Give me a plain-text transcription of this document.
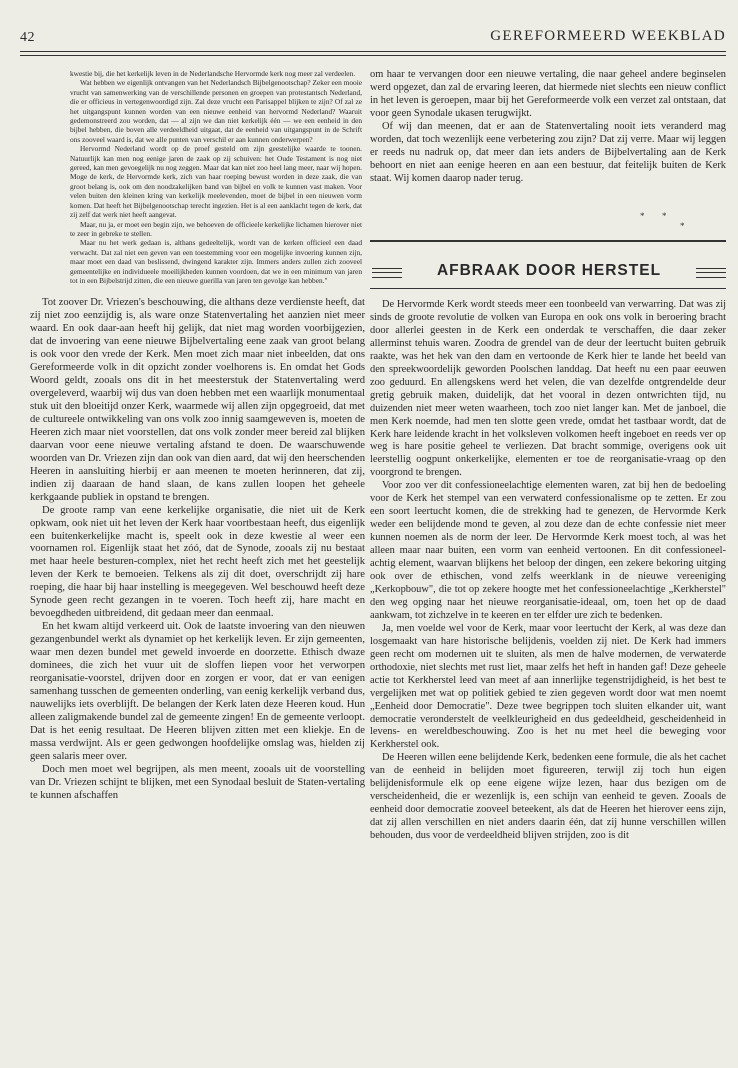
42	GEREFORMEERD WEEKBLAD

kwestie bij, die het kerkelijk leven in de Nederlandsche Hervormde kerk nog meer zal verdeelen.

Wat hebben we eigenlijk ontvangen van het Nederlandsch Bijbelgenootschap? Zeker een mooie vrucht van samenwerking van de verschillende personen en groepen van protestantsch Nederland, die er officieus in vertegenwoordigd zijn. Zal deze vrucht een Parisappel blijken te zijn? Of zal ze het uitgangspunt kunnen worden van een nieuwe eenheid van hervormd Nederland? Waaruit gedemonstreerd zou worden, dat — al zijn we dan niet kerkelijk één — we een eenheid in den bijbel hebben, die boven alle verdeeldheid uitgaat, dat de eenheid van uitgangspunt in de Schrift ons zooveel waard is, dat we alle punten van verschil er aan kunnen onderwerpen?

Hervormd Nederland wordt op de proef gesteld om zijn geestelijke waarde te toonen. Natuurlijk kan men nog eenige jaren de zaak op zij schuiven: het Oude Testament is nog niet gereed, kan men gevoegelijk nu nog zeggen. Maar dat kan niet zoo heel lang meer, naar wij hopen. Moge de kerk, de Hervormde kerk, zich van haar roeping bewust worden in deze zaak, die van groot belang is, ook om den noodzakelijken band van bijbel en volk te kunnen vast maken. Voor velen buiten den kleinen kring van kerkelijk meelevenden, moet de bijbel in een nieuwen vorm komen. Dat heeft het Bijbelgenootschap terecht ingezien. Het is al een aanklacht tegen de kerk, dat zij zelf dat werk niet heeft aangevat.

Maar, nu ja, er moet een begin zijn, we behoeven de officieele kerkelijke lichamen hierover niet te zeer in gebreke te stellen.

Maar nu het werk gedaan is, althans gedeeltelijk, wordt van de kerken officieel een daad verwacht. Dat zal niet een geven van een toestemming voor een mogelijke invoering kunnen zijn, maar moet een daad van beslissend, dwingend karakter zijn. Immers anders zullen zich zooveel gemeentelijke en individueele moeilijkheden kunnen voordoen, dat we in een minimum van jaren tot in een Bijbelstrijd zitten, die een nieuwe guerilla van jaren ten gevolge kan hebben."

Tot zoover Dr. Vriezen's beschouwing, die althans deze verdienste heeft, dat zij niet zoo eenzijdig is, als ware onze Statenvertaling het aanzien niet meer waard. En ook daar-aan heeft hij gelijk, dat niet mag worden voorbijgezien, dat de invoering van eene nieuwe Bijbelvertaling eene zaak van groot belang is ook voor den vrede der Kerk. Men moet zich maar niet inbeelden, dat ons Gereformeerde volk in dit opzicht zonder voelhorens is. En omdat het Gods Woord geldt, zooals ons dit in het meesterstuk der Statenvertaling werd overgeleverd, waarbij wij dus van doen hebben met een waarlijk monumentaal stuk uit den bloeitijd onzer Kerk, waarmede wij allen zijn opgegroeid, dat met de cultureele ontwikkeling van ons volk zoo innig saamgeweven is, moeten de Heeren zich maar niet voorstellen, dat ons volk zonder meer bereid zal blijken daarvan voor eene nieuwe vertaling afstand te doen. De waarschuwende woorden van Dr. Vriezen zijn dan ook van dien aard, dat wij den heerschenden Heeren in aansluiting hierbij er aan meenen te moeten herinneren, dat zij, indien zij daaraan de hand slaan, de kans zullen loopen het geheele kerkgaande publiek in opstand te brengen.

De groote ramp van eene kerkelijke organisatie, die niet uit de Kerk opkwam, ook niet uit het leven der Kerk haar voortbestaan heeft, dus eigenlijk een buitenkerkelijke macht is, speelt ook in deze kwestie al weer een voornamen rol. Eigenlijk staat het zóó, dat de Synode, zooals zij nu bestaat met haar heele besturen-complex, niet het recht heeft zich met het geestelijk leven der Kerk te bemoeien. Telkens als zij dit doet, overschrijdt zij hare roeping, die haar bij haar instelling is meegegeven. Wel beschouwd heeft deze Synode geen recht gezangen in te voeren. Toch heeft zij, hare macht en bevoegdheden uitbreidend, dit gedaan meer dan eenmaal.

En het kwam altijd verkeerd uit. Ook de laatste invoering van den nieuwen gezangenbundel werkt als dynamiet op het kerkelijk leven. Er zijn gemeenten, waar men dezen bundel met geweld invoerde en doorzette. Ethisch dwaze dominees, die zich het vuur uit de sloffen liepen voor het verworpen reorganisatie-voorstel, drijven door en zorgen er voor, dat er van eenigen samenhang tusschen de gemeenten onderling, van eenig kerkelijk verband dus, nauwelijks iets overblijft. De belangen der Kerk laten deze Heeren koud. Hun alleen zaligmakende bundel zal de gemeente zingen! En de gemeente verloopt. Dat is het eenig resultaat. De Heeren blijven zitten met een kliekje. En de massa verdwijnt. Als er geen gedwongen hoofdelijke omslag was, hielden zij geen salaris meer over.

Doch men moet wel begrijpen, als men meent, zooals uit de voorstelling van Dr. Vriezen schijnt te blijken, met een Synodaal besluit de Staten-vertaling te kunnen afschaffen

om haar te vervangen door een nieuwe vertaling, die naar geheel andere beginselen werd opgezet, dan zal de ervaring leeren, dat hiermede niet slechts een nieuw conflict in het leven is geroepen, maar bij het Gereformeerde volk een verzet zal ontstaan, dat voor geen Synodale ukasen terugwijkt.

Of wij dan meenen, dat er aan de Statenvertaling nooit iets veranderd mag worden, dat toch wezenlijk eene verbetering zou zijn? Dat zij verre. Maar wij leggen er reeds nu nadruk op, dat meer dan iets anders de Bijbelvertaling aan de Kerk behoort en niet aan eenige heeren en aan een bestuur, dat feitelijk buiten de Kerk staat. Wij komen daarop nader terug.

* *
*
AFBRAAK DOOR HERSTEL

De Hervormde Kerk wordt steeds meer een toonbeeld van verwarring. Dat was zij sinds de groote revolutie de volken van Europa en ook ons volk in beroering bracht door allerlei geesten in de Kerk een onderdak te verschaffen, die daar zeker allerminst tehuis waren. Zoodra de grendel van de deur der leertucht buiten gebruik raakte, was het hek van den dam en vertoonde de Kerk hier te lande het beeld van den spreekwoordelijk geworden Poolschen landdag. Dat heeft nu een paar eeuwen zoo geduurd. En allengskens werd het velen, die van dezelfde ontgrendelde deur gretig gebruik maken, duidelijk, dat het vooral in dezen ontwrichten tijd, nu duizenden niet meer weten waarheen, toch zoo niet langer kan. Met de janboel, die men Kerk noemde, had men ten slotte geen vrede, omdat het tastbaar wordt, dat de Kerk hare leidende kracht in het volksleven volkomen heeft ingeboet en reeds ver op weg is hare positie geheel te verliezen. Dat bracht sommige, overigens ook uit leerstellig oogpunt onkerkelijke, elementen er toe de reorganisatie-vraag op den voorgrond te brengen.

Voor zoo ver dit confessioneelachtige elementen waren, zat bij hen de bedoeling voor de Kerk het stempel van een verwaterd confessionalisme op te zetten. Er zou een soort leertucht komen, die de strekking had te genezen, de Hervormde Kerk weder een belijdende mond te geven, al zou deze dan de echte confessie niet meer kunnen noemen als de norm der leer. De Hervormde Kerk moest toch, al was het alleen maar naar buiten, een vorm van eenheid vertoonen. En dit confessioneel-achtig element, waarvan blijkens het beloop der dingen, een zekere bekoring uitging ook over de ethischen, vond zelfs weerklank in de nieuwe vereeniging „Kerkopbouw", die tot op zekere hoogte met het confessioneelachtige „Kerkherstel" den weg opging naar het nieuwe reorganisatie-ideaal, om, toen het op de daad aankwam, tot zichzelve in te keeren en ter elfder ure zich te bedenken.

Ja, men voelde wel voor de Kerk, maar voor leertucht der Kerk, al was deze dan losgemaakt van hare historische belijdenis, voelden zij niet. De Kerk had immers geen recht om modernen uit te sluiten, als men de halve modernen, de verwaterde orthodoxie, niet slechts met rust liet, maar zelfs het heft in handen gaf! Deze geheele actie tot Kerkherstel leed van meet af aan innerlijke tegenstrijdigheid, is het best te vergelijken met wat op politiek gebied te zien gegeven wordt door wat men noemt „Eenheid door Democratie". Deze twee begrippen toch sluiten elkander uit, want democratie veronderstelt de veelkleurigheid en dus gedeeldheid, gescheidenheid in levens- en wereldbeschouwing. Zoo is het nu met heel die beweging voor Kerkherstel ook.

De Heeren willen eene belijdende Kerk, bedenken eene formule, die als het cachet van de eenheid in belijden moet figureeren, terwijl zij toch hun eigen belijdenisformule elk op eene eigene wijze lezen, haar dus bezigen om de verscheidenheid, die er wezenlijk is, een schijn van eenheid te geven. Zooals de eenheid door democratie zooveel beteekent, als dat de Heeren het hierover eens zijn, dat zij allen verschillen en niet anders daarin één, dat zij hunne verschillen willen behouden, dus voor de verdeeldheid blijven strijden, zoo is dit
